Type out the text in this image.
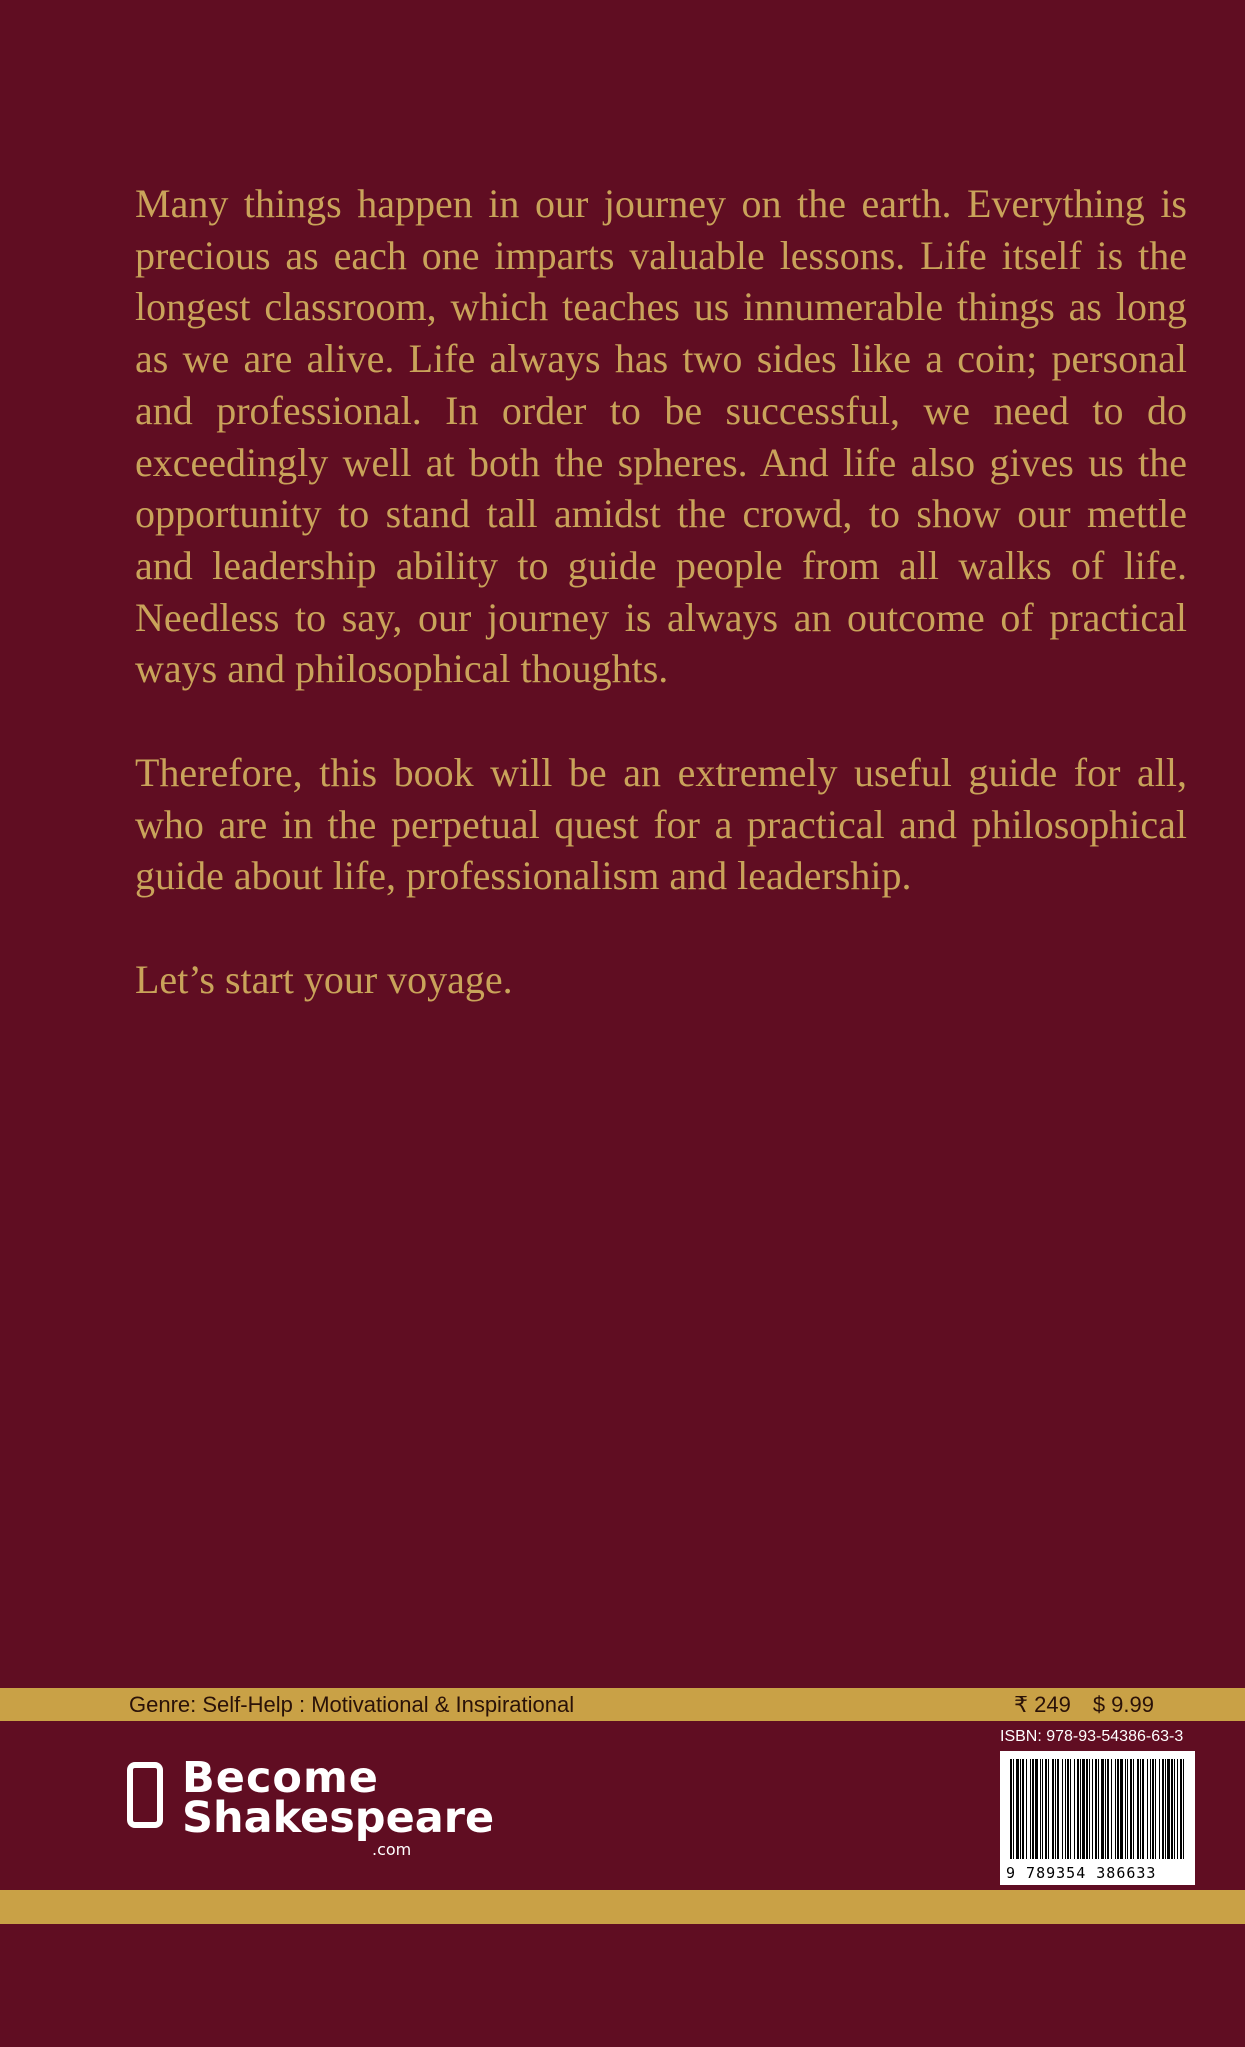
Many things happen in our journey on the earth. Everything is precious as each one imparts valuable lessons. Life itself is the longest classroom, which teaches us innumerable things as long as we are alive. Life always has two sides like a coin; personal and professional. In order to be successful, we need to do exceedingly well at both the spheres. And life also gives us the opportunity to stand tall amidst the crowd, to show our mettle and leadership ability to guide people from all walks of life. Needless to say, our journey is always an outcome of practical ways and philosophical thoughts.

Therefore, this book will be an extremely useful guide for all, who are in the perpetual quest for a practical and philosophical guide about life, professionalism and leadership.

Let’s start your voyage.

Genre: Self-Help : Motivational & Inspirational	₹ 249 $ 9.99
ISBN: 978-93-54386-63-3
9 789354 386633
Become
Shakespeare
.com
